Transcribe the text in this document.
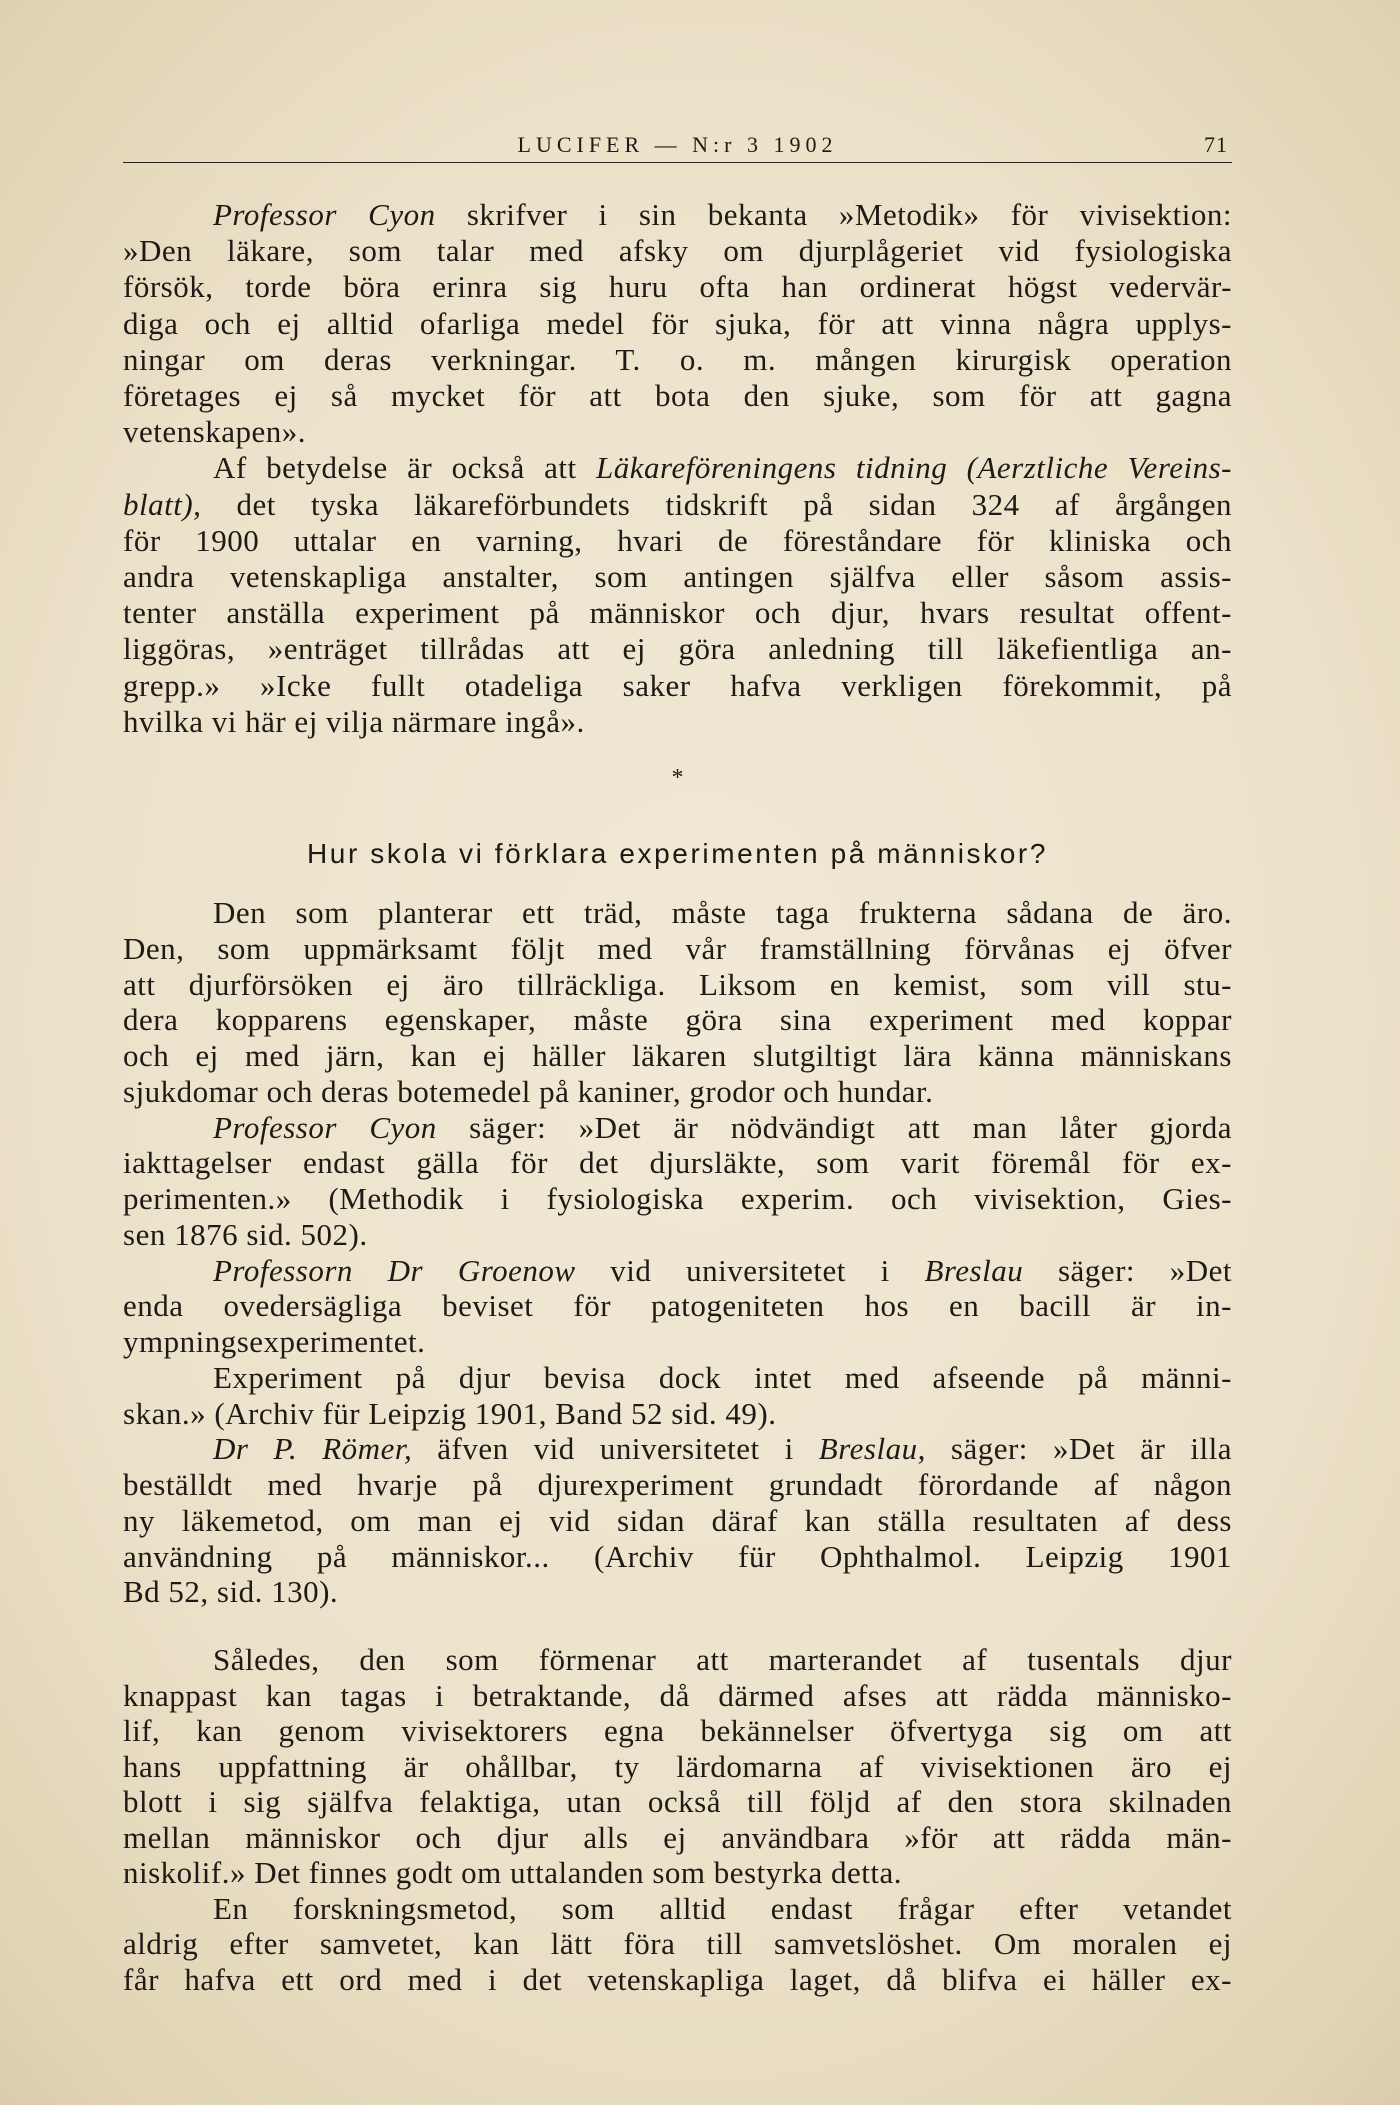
LUCIFER — N:r 3 1902	71
Professor Cyon skrifver i sin bekanta »Metodik» för vivisektion:
»Den läkare, som talar med afsky om djurplågeriet vid fysiologiska
försök, torde böra erinra sig huru ofta han ordinerat högst vedervär-
diga och ej alltid ofarliga medel för sjuka, för att vinna några upplys-
ningar om deras verkningar. T. o. m. mången kirurgisk operation
företages ej så mycket för att bota den sjuke, som för att gagna
vetenskapen».
Af betydelse är också att Läkareföreningens tidning (Aerztliche Vereins-
blatt), det tyska läkareförbundets tidskrift på sidan 324 af årgången
för 1900 uttalar en varning, hvari de föreståndare för kliniska och
andra vetenskapliga anstalter, som antingen själfva eller såsom assis-
tenter anställa experiment på människor och djur, hvars resultat offent-
liggöras, »enträget tillrådas att ej göra anledning till läkefientliga an-
grepp.» »Icke fullt otadeliga saker hafva verkligen förekommit, på
hvilka vi här ej vilja närmare ingå».
*
Hur skola vi förklara experimenten på människor?
Den som planterar ett träd, måste taga frukterna sådana de äro.
Den, som uppmärksamt följt med vår framställning förvånas ej öfver
att djurförsöken ej äro tillräckliga. Liksom en kemist, som vill stu-
dera kopparens egenskaper, måste göra sina experiment med koppar
och ej med järn, kan ej häller läkaren slutgiltigt lära känna människans
sjukdomar och deras botemedel på kaniner, grodor och hundar.
Professor Cyon säger: »Det är nödvändigt att man låter gjorda
iakttagelser endast gälla för det djursläkte, som varit föremål för ex-
perimenten.» (Methodik i fysiologiska experim. och vivisektion, Gies-
sen 1876 sid. 502).
Professorn Dr Groenow vid universitetet i Breslau säger: »Det
enda ovedersägliga beviset för patogeniteten hos en bacill är in-
ympningsexperimentet.
Experiment på djur bevisa dock intet med afseende på männi-
skan.» (Archiv für Leipzig 1901, Band 52 sid. 49).
Dr P. Römer, äfven vid universitetet i Breslau, säger: »Det är illa
beställdt med hvarje på djurexperiment grundadt förordande af någon
ny läkemetod, om man ej vid sidan däraf kan ställa resultaten af dess
användning på människor... (Archiv für Ophthalmol. Leipzig 1901
Bd 52, sid. 130).
Således, den som förmenar att marterandet af tusentals djur
knappast kan tagas i betraktande, då därmed afses att rädda människo-
lif, kan genom vivisektorers egna bekännelser öfvertyga sig om att
hans uppfattning är ohållbar, ty lärdomarna af vivisektionen äro ej
blott i sig själfva felaktiga, utan också till följd af den stora skilnaden
mellan människor och djur alls ej användbara »för att rädda män-
niskolif.» Det finnes godt om uttalanden som bestyrka detta.
En forskningsmetod, som alltid endast frågar efter vetandet
aldrig efter samvetet, kan lätt föra till samvetslöshet. Om moralen ej
får hafva ett ord med i det vetenskapliga laget, då blifva ei häller ex-
